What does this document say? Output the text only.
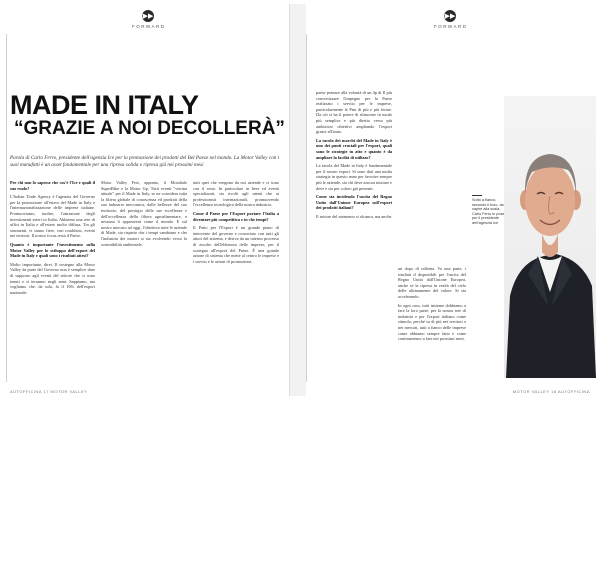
▶▶
FORWARD
MADE IN ITALY
“GRAZIE A NOI DECOLLERÀ”
Parola di Carlo Ferro, presidente dell'agenzia Ice per la promozione dei prodotti del Bel Paese nel mondo. La Motor Valley con i suoi manufatti è un asset fondamentale per una ripresa solida e ripresa già nei prossimi mesi

Per chi non lo sapesse che cos'è l'Ice e quali il suo ruolo?

L'Italian Trade Agency è l'agenzia del Governo per la promozione all'estero del Made in Italy e l'internazionalizzazione delle imprese italiane. Promuoviamo, inoltre, l'attrazione degli investimenti esteri in Italia. Abbiamo una rete di uffici in Italia e all'estero molto diffusa. Tra gli strumenti, vi siamo fiere, vari roadshow, eventi nei territori. Il nostro focus resta il Paese.

Quanto è importante l'investimento sulla Motor Valley per lo sviluppo dell'export del Made in Italy e quali sono i risultati attesi?

Molto importante, direi. Il sostegno alla Motor Valley da parte del Governo non è semplice dare di supporto agli eventi del settore che si sono tenuti e si terranno negli anni. Sappiamo, ma vogliamo che, da sola, fa il 16% dell'export nazionale.

Motor Valley Fest, appunto, il Mondiale SuperBike e la Motor Gp. Tutti eventi "vetrina attuale" per il Made in Italy, se ne considera tutta la filiera globale di conoscenza ed prodotti della sua industria meccanica, dalle bellezze del suo territorio, del prestigio delle sue eccellenze e dell'eccellenza della filiera agroalimentare, e nessuno li apprezzerà come il mondo. E sul nostro mercato ad oggi, l'obiettivo tutte le aziende di Made, sia rispetto che i tempi cambiano e che l'industria dei motori si sta evolvendo verso la sostenibilità ambientale.

tutti quei che vengono da noi aziende e ci sono con il resto. In particolare in fiere ed eventi specializzati, sia rivolti agli utenti che ai professionisti internazionali, promuovendo l'eccellenza tecnologica della nostra industria.

Come il Paese per l'Export portare l'Italia a diventare più competitiva e in che tempi?

Il Patto per l'Export è un grande piano di intervento del governo e concertato con tutti gli attori del sistema, e deriva da un intenso processo di ascolto dell'ebbrezza delle imprese, per il sostegno all'export del Paese. È una grande azione di sistema che mette al centro le imprese e i servizi e le azioni di promozione.

AUTOFFICINA 17 MOTOR VALLEY
▶▶
FORWARD

paese pensare alla volontà di un 4p di Il più concretizzare l'impegno per la Paese realizzato i servizi per le imprese, particolarmente le Pmi di più e più ferme. Da ciò si ha il potere di rilanciare in modo più semplice e più diretto verso più ambiziosi obiettivi ampliando l'export grazie all'aiuto.

La tavola dei marchi del Made in Italy è uno dei punti cruciali per l'export, quali sono le strategie in atto e quanto è da ampliare la faciltà di utilizzo?

La tavola del Made in Italy è fondamentale per il nostro export. Si sono dati una molta strategia in questo anno per favorire sempre più le aziende, sia chi deve ancora iniziare e deve e sia per coloro già presenti.

Come sta incidendo l'uscita del Regno Unito dall'Unione Europea sull'export dei prodotti italiani?

Il settore del momento si alcunca, ma anche

un dopo di rallenta. Va una parte, i risultati il disponibili per l'uscita del Regno Unito dall'Unione Europea, anche se la ripresa in realtà del cielo delle ultimamente del valore. Si sta accelerando.

In ogni caso, tutti insieme dobbiamo a fare la loro parte, per la nostra rete di industria e per l'export italiano come stimolo, perché sa di più nei territori e nei mercati, tutti a fianco delle imprese come abbiamo sempre fatto e come continueremo a fare nei prossimi mesi.

Sotto a fianco, secondo il buio, da capire alla scala, Carlo Ferro in posa per il presidente dell'agenzia Ice
MOTOR VALLEY 18 AUTOFFICINA
